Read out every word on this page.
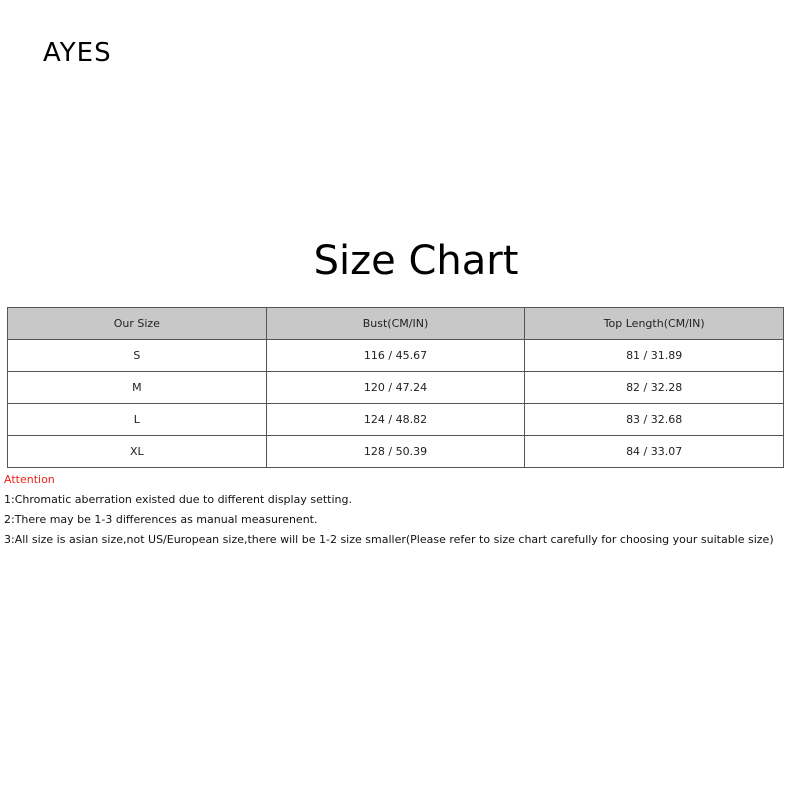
AYES
Size Chart
Our Size	Bust(CM/IN)	Top Length(CM/IN)
S	116 / 45.67	81 / 31.89
M	120 / 47.24	82 / 32.28
L	124 / 48.82	83 / 32.68
XL	128 / 50.39	84 / 33.07
Attention
1:Chromatic aberration existed due to different display setting.
2:There may be 1-3 differences as manual measurenent.
3:All size is asian size,not US/European size,there will be 1-2 size smaller(Please refer to size chart carefully for choosing your suitable size)
